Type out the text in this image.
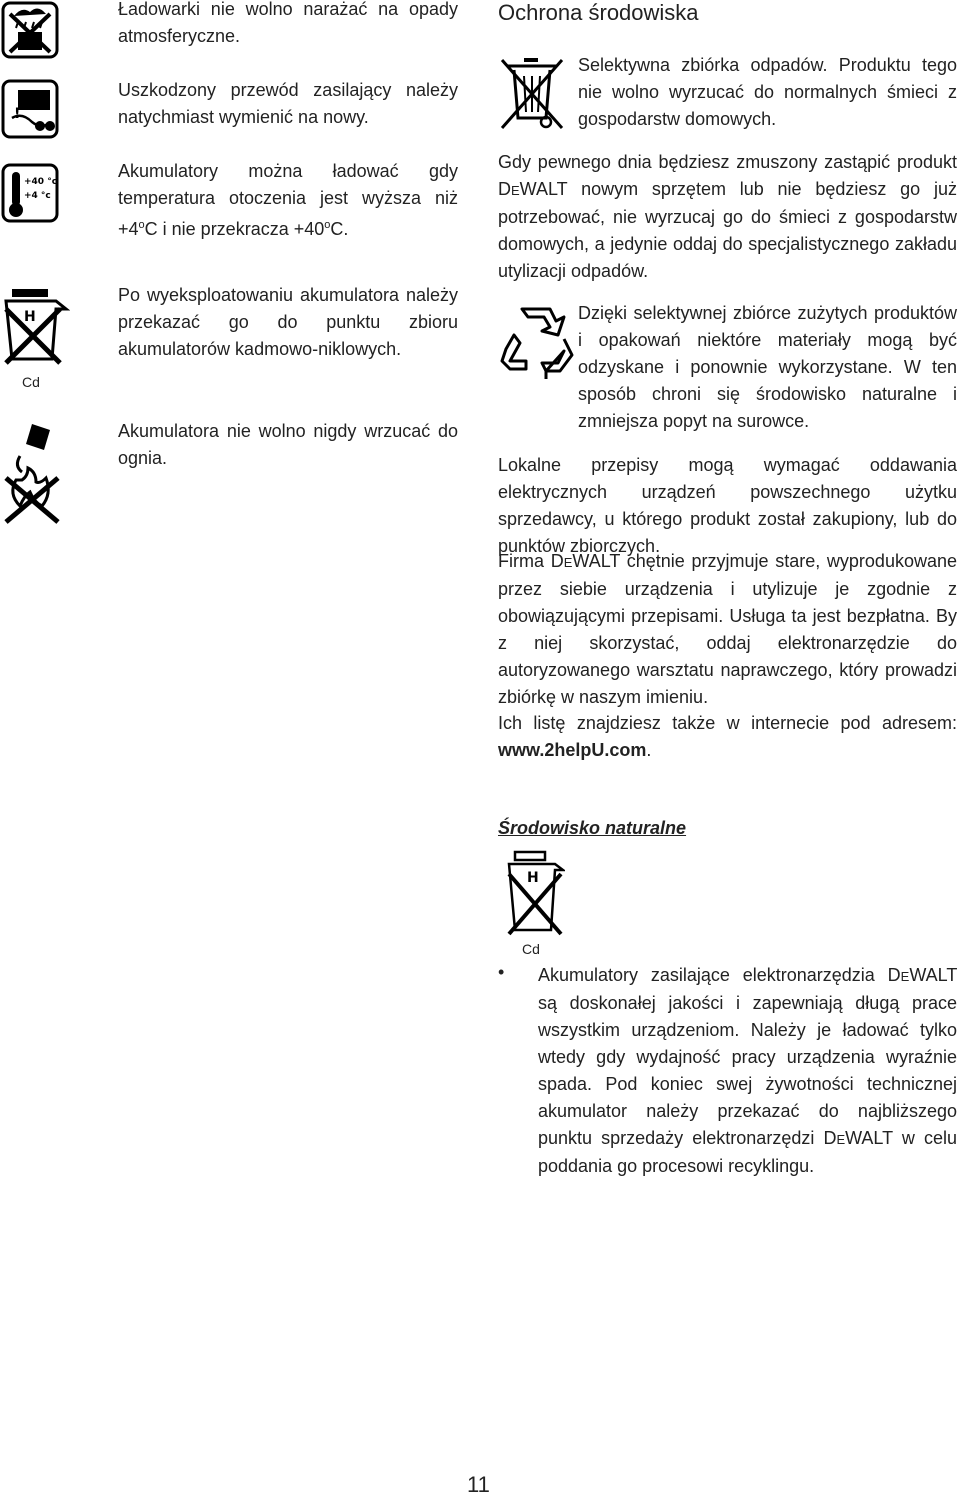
!
+40 °c
+4 °c
H
Cd

Ładowarki nie wolno narażać na opady atmosferyczne.

Uszkodzony przewód zasilający należy natychmiast wymienić na nowy.

Akumulatory można ładować gdy temperatura otoczenia jest wyższa niż $+4^oC$ i nie przekracza $+40^oC$.

Po wyeksploatowaniu akumulatora należy przekazać go do punktu zbioru akumulatorów kadmowo-niklowych.

Akumulatora nie wolno nigdy wrzucać do ognia.

Ochrona środowiska

Selektywna zbiórka odpadów. Produktu tego nie wolno wyrzucać do normalnych śmieci z gospodarstw domowych.

Gdy pewnego dnia będziesz zmuszony zastąpić produkt DEWALT nowym sprzętem lub nie będziesz go już potrzebować, nie wyrzucaj go do śmieci z gospodarstw domowych, a jedynie oddaj do specjalistycznego zakładu utylizacji odpadów.

Dzięki selektywnej zbiórce zużytych produktów i opakowań niektóre materiały mogą być odzyskane i ponownie wykorzystane. W ten sposób chroni się środowisko naturalne i zmniejsza popyt na surowce.

Lokalne przepisy mogą wymagać oddawania elektrycznych urządzeń powszechnego użytku sprzedawcy, u którego produkt został zakupiony, lub do punktów zbiorczych.

Firma DEWALT chętnie przyjmuje stare, wyprodukowane przez siebie urządzenia i utylizuje je zgodnie z obowiązującymi przepisami. Usługa ta jest bezpłatna. By z niej skorzystać, oddaj elektronarzędzie do autoryzowanego warsztatu naprawczego, który prowadzi zbiórkę w naszym imieniu.

Ich listę znajdziesz także w internecie pod adresem: www.2helpU.com.

Środowisko naturalne
H
Cd
• Akumulatory zasilające elektronarzędzia DEWALT są doskonałej jakości i zapewniają długą prace wszystkim urządzeniom. Należy je ładować tylko wtedy gdy wydajność pracy urządzenia wyraźnie spada. Pod koniec swej żywotności technicznej akumulator należy przekazać do najbliższego punktu sprzedaży elektronarzędzi DEWALT w celu poddania go procesowi recyklingu.

11
